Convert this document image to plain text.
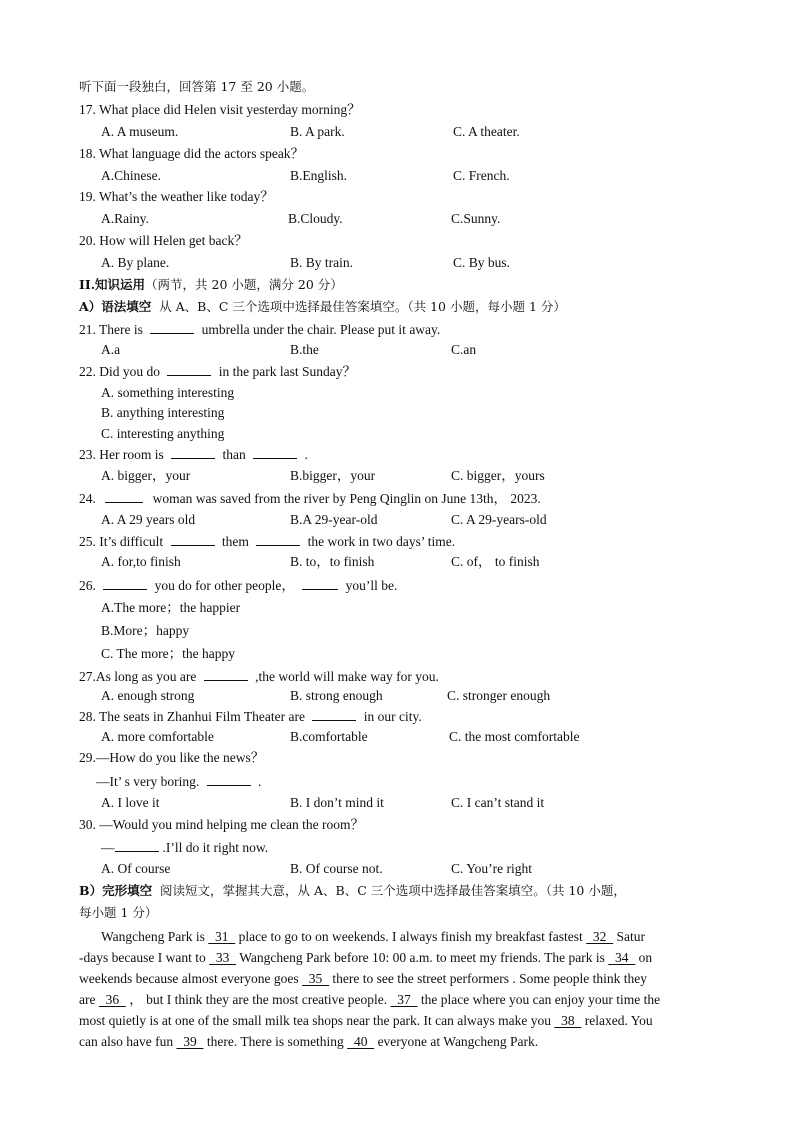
听下面一段独白，回答第 17 至 20 小题。
17. What place did Helen visit yesterday morning？
A. A museum.	B. A park.	C. A theater.
18. What language did the actors speak？
A.Chinese.	B.English.	C. French.
19. What’s the weather like today？
A.Rainy.	B.Cloudy.	C.Sunny.
20. How will Helen get back？
A. By plane.	B. By train.	C. By bus.
II.知识运用（两节，共 20 小题，满分 20 分）
A）语法填空 从 A、B、C 三个选项中选择最佳答案填空。（共 10 小题，每小题 1 分）
21. There is	umbrella under the chair. Please put it away.
A.a	B.the	C.an
22. Did you do	in the park last Sunday？
A. something interesting
B. anything interesting
C. interesting anything
23. Her room is	than	.
A. bigger，your	B.bigger，your	C. bigger，yours
24.	woman was saved from the river by Peng Qinglin on June 13th， 2023.
A. A 29 years old	B.A 29-year-old	C. A 29-years-old
25. It’s difficult	them	the work in two days’ time.
A. for,to finish	B. to，to finish	C. of， to finish
26.	you do for other people，	you’ll be.
A.The more；the happier
B.More；happy
C. The more；the happy
27.As long as you are	,the world will make way for you.
A. enough strong	B. strong enough	C. stronger enough
28. The seats in Zhanhui Film Theater are	in our city.
A. more comfortable	B.comfortable	C. the most comfortable
29.—How do you like the news？
—It’ s very boring.	.
A. I love it	B. I don’t mind it	C. I can’t stand it
30. —Would you mind helping me clean the room？
—	.I’ll do it right now.
A. Of course	B. Of course not.	C. You’re right
B）完形填空 阅读短文，掌握其大意，从 A、B、C 三个选项中选择最佳答案填空。（共 10 小题，
每小题 1 分）
Wangcheng Park is   31   place to go to on weekends. I always finish my breakfast fastest   32   Satur
-days because I want to   33   Wangcheng Park before 10: 00 a.m. to meet my friends. The park is   34   on
weekends because almost everyone goes   35   there to see the street performers . Some people think they
are   36   ， but I think they are the most creative people.   37   the place where you can enjoy your time the
most quietly is at one of the small milk tea shops near the park. It can always make you   38   relaxed. You
can also have fun   39   there. There is something   40   everyone at Wangcheng Park.
